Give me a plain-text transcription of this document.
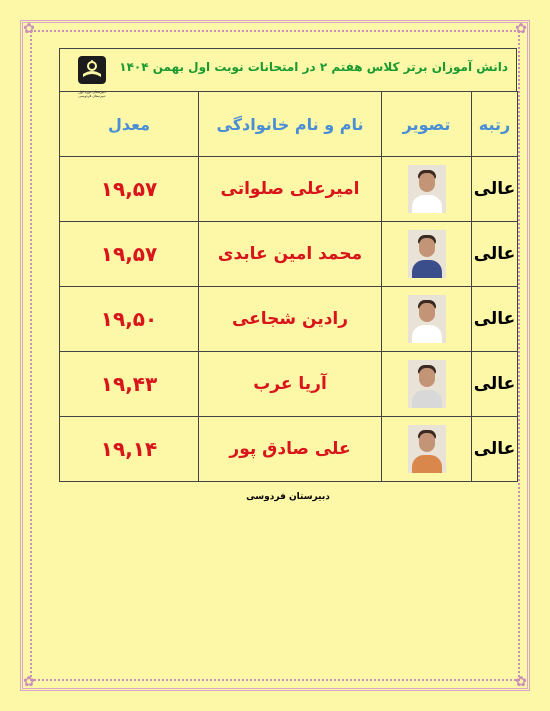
✿	✿
✿	✿
دبیرستان دوره اول
دبیرستان فردوسی
دانش آموزان برتر کلاس هفتم ۲ در امتحانات نوبت اول بهمن ۱۴۰۴
رتبه	تصویر	نام و نام خانوادگی	معدل
عالی		امیرعلی صلواتی	۱۹,۵۷
عالی		محمد امین عابدی	۱۹,۵۷
عالی		رادین شجاعی	۱۹,۵۰
عالی		آریا عرب	۱۹,۴۳
عالی		علی صادق پور	۱۹,۱۴
دبیرستان فردوسی
